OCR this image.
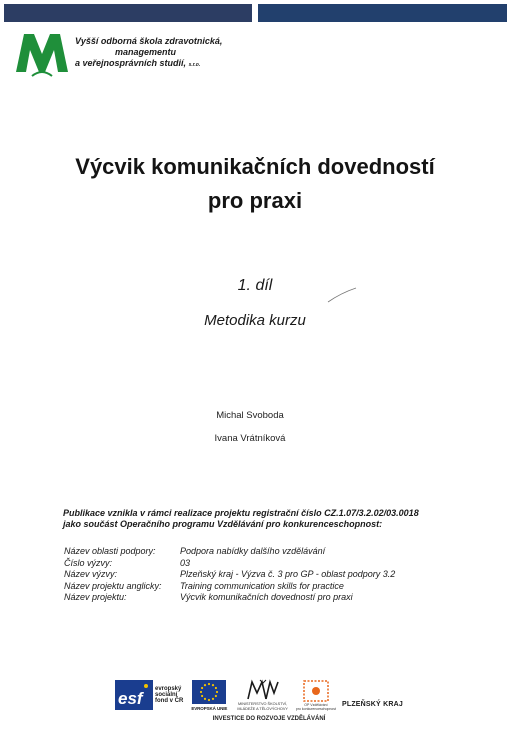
Vyšší odborná škola zdravotnická,
managementu
a veřejnosprávních studií, s.r.o.
Výcvik komunikačních dovedností
pro praxi
1. díl
Metodika kurzu
Michal Svoboda
Ivana Vrátníková
Publikace vznikla v rámci realizace projektu registrační číslo CZ.1.07/3.2.02/03.0018
jako součást Operačního programu Vzdělávání pro konkurenceschopnost:
Název oblasti podpory:	Podpora nabídky dalšího vzdělávání
Číslo výzvy:	03
Název výzvy:	Plzeňský kraj - Výzva č. 3 pro GP - oblast podpory 3.2
Název projektu anglicky:	Training communication skills for practice
Název projektu:	Výcvik komunikačních dovedností pro praxi
esf	evropský
sociální
fond v ČR
EVROPSKÁ UNIE
MINISTERSTVO ŠKOLSTVÍ,
MLÁDEŽE A TĚLOVÝCHOVY
OP Vzdělávání
pro konkurenceschopnost
PLZEŇSKÝ KRAJ
INVESTICE DO ROZVOJE VZDĚLÁVÁNÍ
